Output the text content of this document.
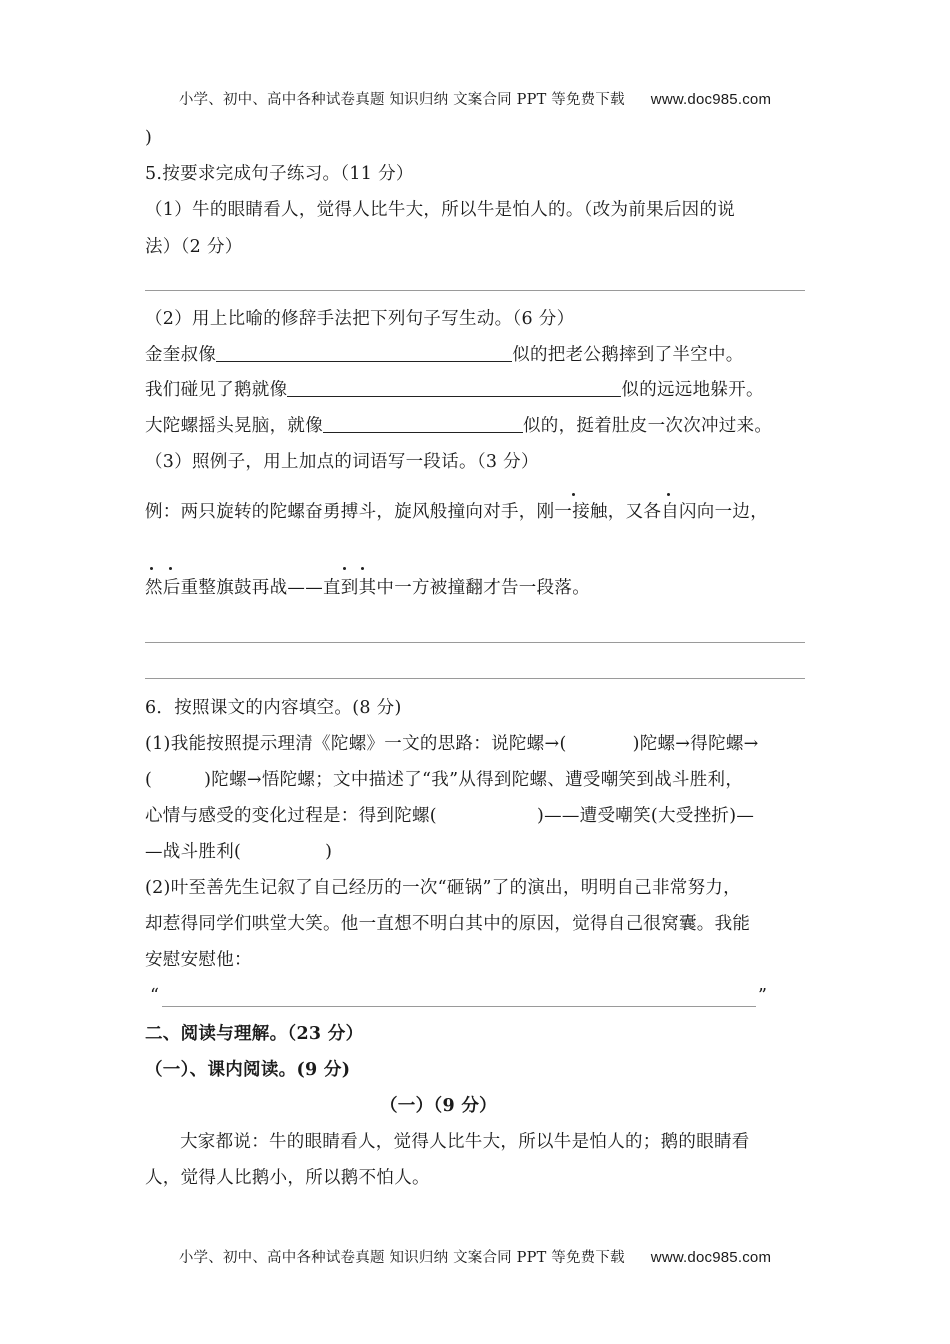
小学、初中、高中各种试卷真题 知识归纳 文案合同 PPT 等免费下载 www.doc985.com
)
5.按要求完成句子练习。（11 分）
（1）牛的眼睛看人，觉得人比牛大，所以牛是怕人的。（改为前果后因的说
法）（2 分）
（2）用上比喻的修辞手法把下列句子写生动。（6 分）
金奎叔像	似的把老公鹅摔到了半空中。
我们碰见了鹅就像	似的远远地躲开。
大陀螺摇头晃脑，就像	似的，挺着肚皮一次次冲过来。
（3）照例子，用上加点的词语写一段话。（3 分）
例：两只旋转的陀螺奋勇搏斗，旋风般撞向对手，刚一接触，又各自闪向一边，
然后重整旗鼓再战——直到其中一方被撞翻才告一段落。
6．按照课文的内容填空。(8 分)
(1)我能按照提示理清《陀螺》一文的思路：说陀螺→(	)陀螺→得陀螺→
(	)陀螺→悟陀螺；文中描述了“我”从得到陀螺、遭受嘲笑到战斗胜利，
心情与感受的变化过程是：得到陀螺(	)——遭受嘲笑(大受挫折)—
—战斗胜利(	)
(2)叶至善先生记叙了自己经历的一次“砸锅”了的演出，明明自己非常努力，
却惹得同学们哄堂大笑。他一直想不明白其中的原因，觉得自己很窝囊。我能
安慰安慰他：
“	”
二、阅读与理解。（23 分）
（一）、课内阅读。(9 分)
（一）（9 分）
大家都说：牛的眼睛看人，觉得人比牛大，所以牛是怕人的；鹅的眼睛看
人，觉得人比鹅小，所以鹅不怕人。
小学、初中、高中各种试卷真题 知识归纳 文案合同 PPT 等免费下载 www.doc985.com
